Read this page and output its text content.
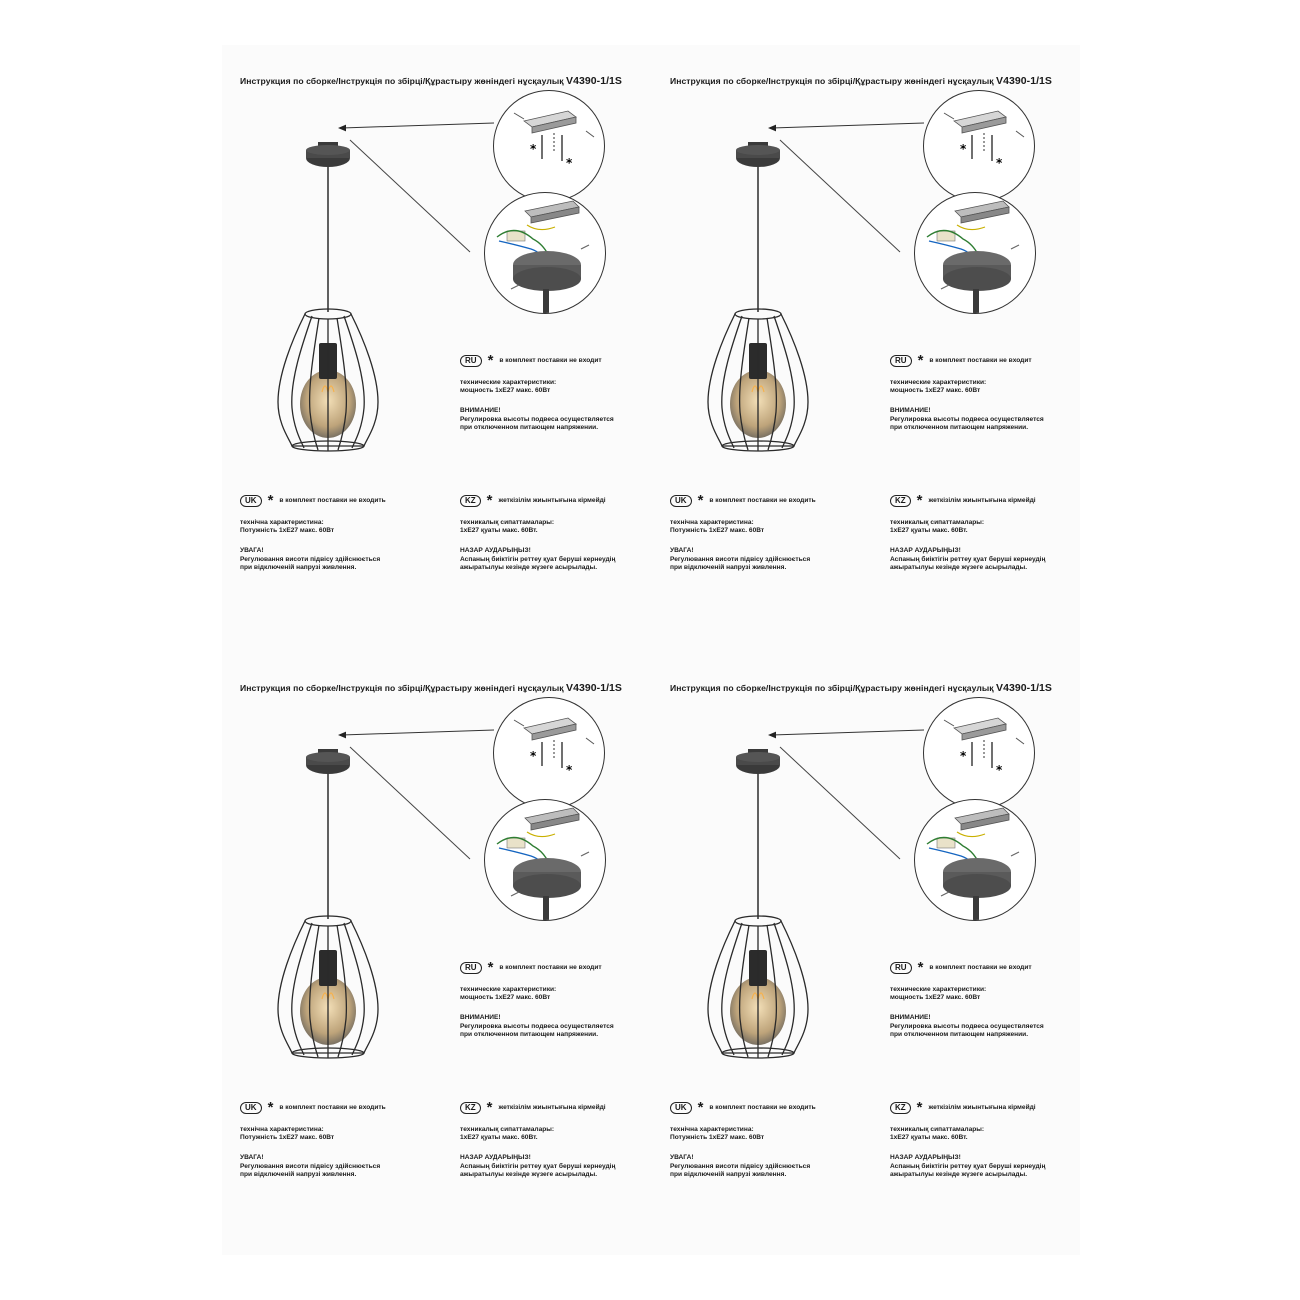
Инструкция по сборке/Інструкція по збірці/Құрастыру жөніндегі нұсқаулық V4390-1/1S
*
*
RU * в комплект поставки не входит

технические характеристики:

мощность 1хЕ27 макс. 60Вт

ВНИМАНИЕ!

Регулировка высоты подвеса осуществляется

при отключенном питающем напряжении.

UK * в комплект поставки не входить

технічна характеристина:

Потужність 1хЕ27 макс. 60Вт

УВАГА!

Регулювання висоти підвісу здійснюється

при відключеній напрузі живлення.

KZ * жеткізілім жиынтығына кірмейді

техникалық сипаттамалары:

1хЕ27 қуаты макс. 60Вт.

НАЗАР АУДАРЫҢЫЗ!

Аспаның биіктігін реттеу қуат беруші кернеудің

ажыратылуы кезінде жүзеге асырылады.

Инструкция по сборке/Інструкція по збірці/Құрастыру жөніндегі нұсқаулық V4390-1/1S
*
*
RU * в комплект поставки не входит

технические характеристики:

мощность 1хЕ27 макс. 60Вт

ВНИМАНИЕ!

Регулировка высоты подвеса осуществляется

при отключенном питающем напряжении.

UK * в комплект поставки не входить

технічна характеристина:

Потужність 1хЕ27 макс. 60Вт

УВАГА!

Регулювання висоти підвісу здійснюється

при відключеній напрузі живлення.

KZ * жеткізілім жиынтығына кірмейді

техникалық сипаттамалары:

1хЕ27 қуаты макс. 60Вт.

НАЗАР АУДАРЫҢЫЗ!

Аспаның биіктігін реттеу қуат беруші кернеудің

ажыратылуы кезінде жүзеге асырылады.

Инструкция по сборке/Інструкція по збірці/Құрастыру жөніндегі нұсқаулық V4390-1/1S
*
*
RU * в комплект поставки не входит

технические характеристики:

мощность 1хЕ27 макс. 60Вт

ВНИМАНИЕ!

Регулировка высоты подвеса осуществляется

при отключенном питающем напряжении.

UK * в комплект поставки не входить

технічна характеристина:

Потужність 1хЕ27 макс. 60Вт

УВАГА!

Регулювання висоти підвісу здійснюється

при відключеній напрузі живлення.

KZ * жеткізілім жиынтығына кірмейді

техникалық сипаттамалары:

1хЕ27 қуаты макс. 60Вт.

НАЗАР АУДАРЫҢЫЗ!

Аспаның биіктігін реттеу қуат беруші кернеудің

ажыратылуы кезінде жүзеге асырылады.

Инструкция по сборке/Інструкція по збірці/Құрастыру жөніндегі нұсқаулық V4390-1/1S
*
*
RU * в комплект поставки не входит

технические характеристики:

мощность 1хЕ27 макс. 60Вт

ВНИМАНИЕ!

Регулировка высоты подвеса осуществляется

при отключенном питающем напряжении.

UK * в комплект поставки не входить

технічна характеристина:

Потужність 1хЕ27 макс. 60Вт

УВАГА!

Регулювання висоти підвісу здійснюється

при відключеній напрузі живлення.

KZ * жеткізілім жиынтығына кірмейді

техникалық сипаттамалары:

1хЕ27 қуаты макс. 60Вт.

НАЗАР АУДАРЫҢЫЗ!

Аспаның биіктігін реттеу қуат беруші кернеудің

ажыратылуы кезінде жүзеге асырылады.
